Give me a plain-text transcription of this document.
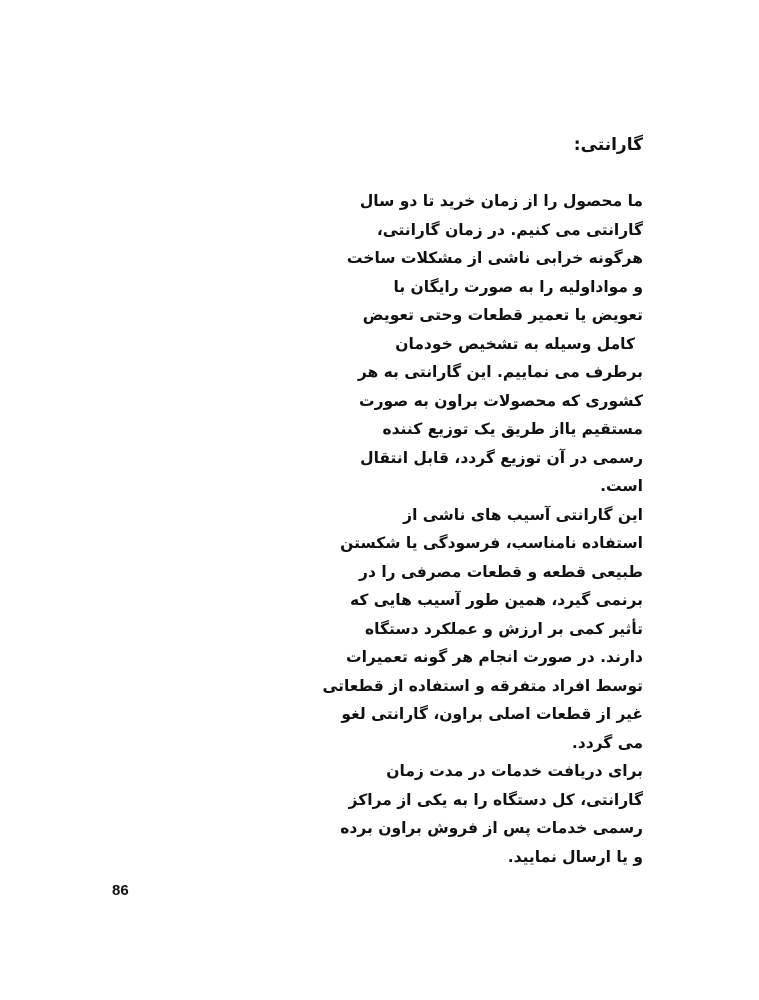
گارانتی:
ما محصول را از زمان خرید تا دو سال
گارانتی می کنیم. در زمان گارانتی،
هرگونه خرابی ناشی از مشکلات ساخت
و مواداولیه را به صورت رایگان با
تعویض یا تعمیر قطعات وحتی تعویض
کامل وسیله به تشخیص خودمان
برطرف می نماییم. این گارانتی به هر
کشوری که محصولات براون به صورت
مستقیم یااز طریق یک توزیع کننده
رسمی در آن توزیع گردد، قابل انتقال
است.
این گارانتی آسیب های ناشی از
استفاده نامناسب، فرسودگی یا شکستن
طبیعی قطعه و قطعات مصرفی را در
برنمی گیرد، همین طور آسیب هایی که
تأثیر کمی بر ارزش و عملکرد دستگاه
دارند. در صورت انجام هر گونه تعمیرات
توسط افراد متفرقه و استفاده از قطعاتی
غیر از قطعات اصلی براون، گارانتی لغو
می گردد.
برای دریافت خدمات در مدت زمان
گارانتی، کل دستگاه را به یکی از مراکز
رسمی خدمات پس از فروش براون برده
و یا ارسال نمایید.
86
